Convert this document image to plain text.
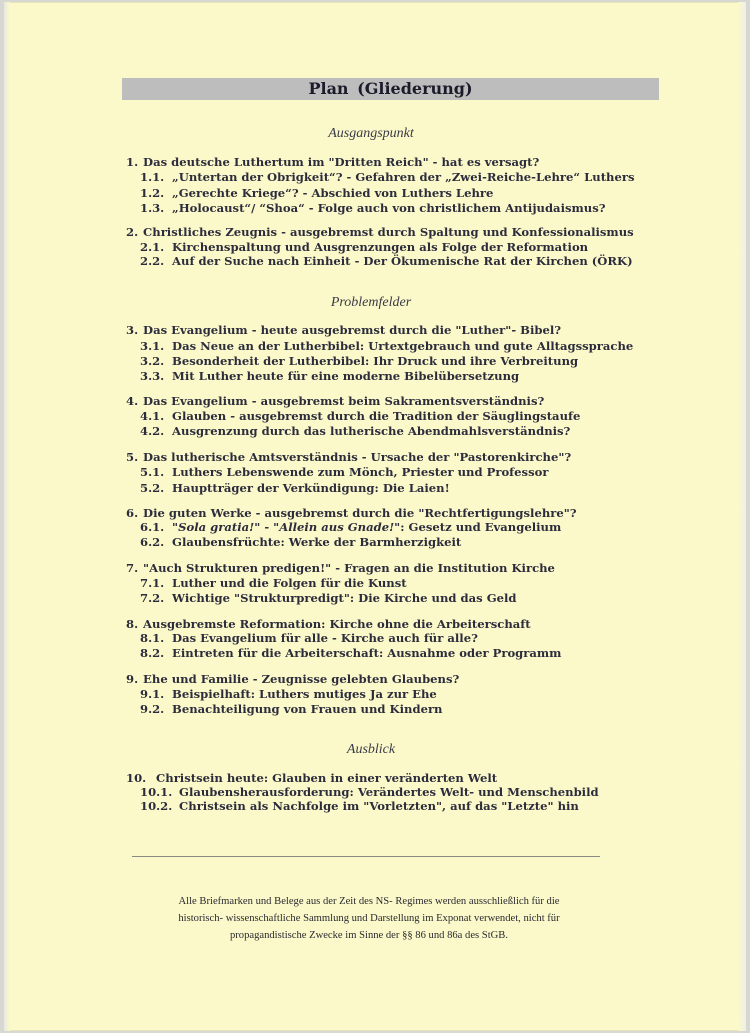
Plan (Gliederung)
Ausgangspunkt
1. Das deutsche Luthertum im "Dritten Reich" - hat es versagt?
1.1. „Untertan der Obrigkeit“? - Gefahren der „Zwei-Reiche-Lehre“ Luthers
1.2. „Gerechte Kriege“? - Abschied von Luthers Lehre
1.3. „Holocaust“/ “Shoa“ - Folge auch von christlichem Antijudaismus?
2. Christliches Zeugnis - ausgebremst durch Spaltung und Konfessionalismus
2.1. Kirchenspaltung und Ausgrenzungen als Folge der Reformation
2.2. Auf der Suche nach Einheit - Der Ökumenische Rat der Kirchen (ÖRK)
Problemfelder
3. Das Evangelium - heute ausgebremst durch die "Luther"- Bibel?
3.1. Das Neue an der Lutherbibel: Urtextgebrauch und gute Alltagssprache
3.2. Besonderheit der Lutherbibel: Ihr Druck und ihre Verbreitung
3.3. Mit Luther heute für eine moderne Bibelübersetzung
4. Das Evangelium - ausgebremst beim Sakramentsverständnis?
4.1. Glauben - ausgebremst durch die Tradition der Säuglingstaufe
4.2. Ausgrenzung durch das lutherische Abendmahlsverständnis?
5. Das lutherische Amtsverständnis - Ursache der "Pastorenkirche"?
5.1. Luthers Lebenswende zum Mönch, Priester und Professor
5.2. Hauptträger der Verkündigung: Die Laien!
6. Die guten Werke - ausgebremst durch die "Rechtfertigungslehre"?
6.1. "Sola gratia!" - "Allein aus Gnade!": Gesetz und Evangelium
6.2. Glaubensfrüchte: Werke der Barmherzigkeit
7. "Auch Strukturen predigen!" - Fragen an die Institution Kirche
7.1. Luther und die Folgen für die Kunst
7.2. Wichtige "Strukturpredigt": Die Kirche und das Geld
8. Ausgebremste Reformation: Kirche ohne die Arbeiterschaft
8.1. Das Evangelium für alle - Kirche auch für alle?
8.2. Eintreten für die Arbeiterschaft: Ausnahme oder Programm
9. Ehe und Familie - Zeugnisse gelebten Glaubens?
9.1. Beispielhaft: Luthers mutiges Ja zur Ehe
9.2. Benachteiligung von Frauen und Kindern
Ausblick
10. Christsein heute: Glauben in einer veränderten Welt
10.1. Glaubensherausforderung: Verändertes Welt- und Menschenbild
10.2. Christsein als Nachfolge im "Vorletzten", auf das "Letzte" hin
Alle Briefmarken und Belege aus der Zeit des NS- Regimes werden ausschließlich für die
historisch- wissenschaftliche Sammlung und Darstellung im Exponat verwendet, nicht für
propagandistische Zwecke im Sinne der §§ 86 und 86a des StGB.
